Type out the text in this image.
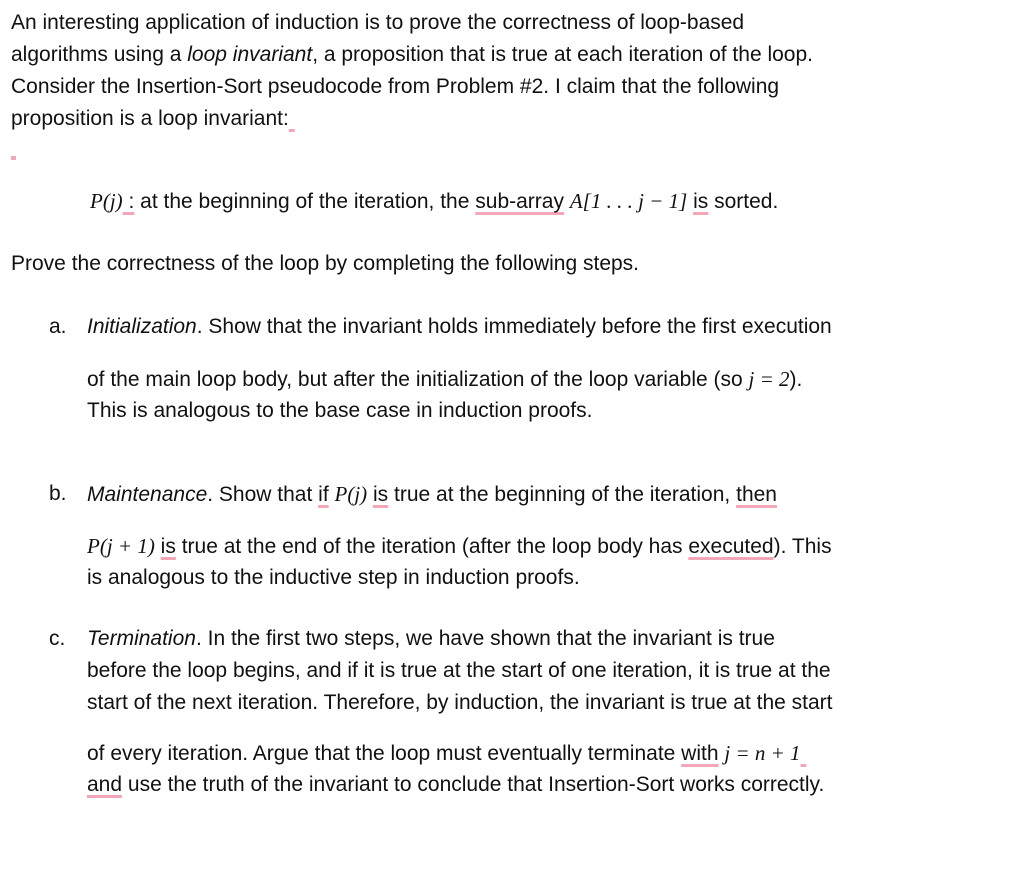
An interesting application of induction is to prove the correctness of loop-based
algorithms using a loop invariant, a proposition that is true at each iteration of the loop.
Consider the Insertion-Sort pseudocode from Problem #2. I claim that the following
proposition is a loop invariant:
P(j) : at the beginning of the iteration, the sub-array A[1 . . . j − 1] is sorted.
Prove the correctness of the loop by completing the following steps.
a. Initialization. Show that the invariant holds immediately before the first execution
of the main loop body, but after the initialization of the loop variable (so j = 2).
This is analogous to the base case in induction proofs.
b. Maintenance. Show that if P(j) is true at the beginning of the iteration, then
P(j + 1) is true at the end of the iteration (after the loop body has executed). This
is analogous to the inductive step in induction proofs.
c.	Termination. In the first two steps, we have shown that the invariant is true
before the loop begins, and if it is true at the start of one iteration, it is true at the
start of the next iteration. Therefore, by induction, the invariant is true at the start
of every iteration. Argue that the loop must eventually terminate with j = n + 1
and use the truth of the invariant to conclude that Insertion-Sort works correctly.
